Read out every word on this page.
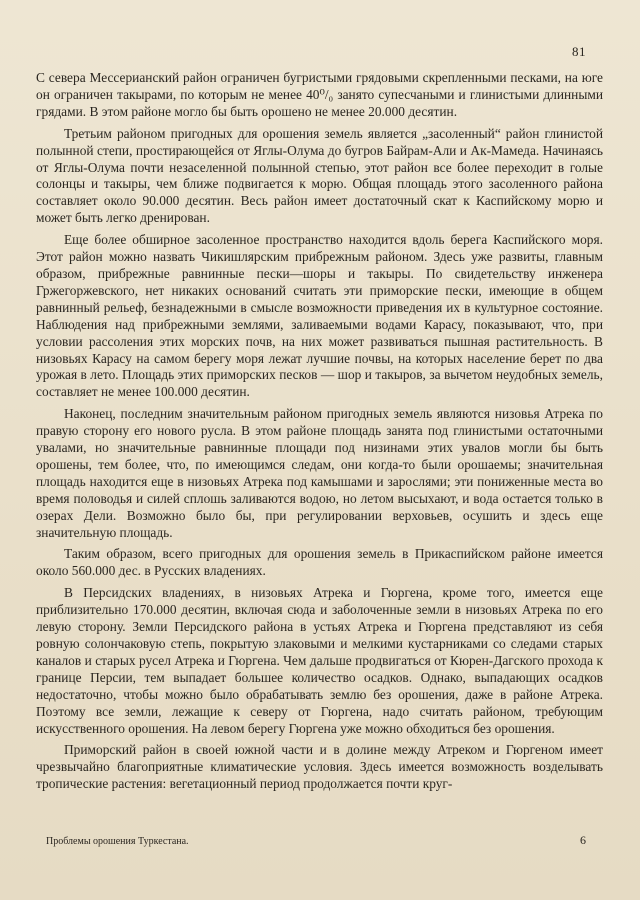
81

С севера Мессерианский район ограничен бугристыми грядовыми скрепленными песками, на юге он ограничен такырами, по которым не менее 40⁰/₀ занято супесчаными и глинистыми длинными грядами. В этом районе могло бы быть орошено не менее 20.000 десятин.

Третьим районом пригодных для орошения земель является „засоленный“ район глинистой полынной степи, простирающейся от Яглы-Олума до бугров Байрам-Али и Ак-Мамеда. Начинаясь от Яглы-Олума почти незаселенной полынной степью, этот район все более переходит в голые солонцы и такыры, чем ближе подвигается к морю. Общая площадь этого засоленного района составляет около 90.000 десятин. Весь район имеет достаточный скат к Каспийскому морю и может быть легко дренирован.

Еще более обширное засоленное пространство находится вдоль берега Каспийского моря. Этот район можно назвать Чикишлярским прибрежным районом. Здесь уже развиты, главным образом, прибрежные равнинные пески—шоры и такыры. По свидетельству инженера Гржегоржевского, нет никаких оснований считать эти приморские пески, имеющие в общем равнинный рельеф, безнадежными в смысле возможности приведения их в культурное состояние. Наблюдения над прибрежными землями, заливаемыми водами Карасу, показывают, что, при условии рассоления этих морских почв, на них может развиваться пышная растительность. В низовьях Карасу на самом берегу моря лежат лучшие почвы, на которых население берет по два урожая в лето. Площадь этих приморских песков — шор и такыров, за вычетом неудобных земель, составляет не менее 100.000 десятин.

Наконец, последним значительным районом пригодных земель являются низовья Атрека по правую сторону его нового русла. В этом районе площадь занята под глинистыми остаточными увалами, но значительные равнинные площади под низинами этих увалов могли бы быть орошены, тем более, что, по имеющимся следам, они когда-то были орошаемы; значительная площадь находится еще в низовьях Атрека под камышами и зарослями; эти пониженные места во время половодья и силей сплошь заливаются водою, но летом высыхают, и вода остается только в озерах Дели. Возможно было бы, при регулировании верховьев, осушить и здесь еще значительную площадь.

Таким образом, всего пригодных для орошения земель в Прикаспийском районе имеется около 560.000 дес. в Русских владениях.

В Персидских владениях, в низовьях Атрека и Гюргена, кроме того, имеется еще приблизительно 170.000 десятин, включая сюда и заболоченные земли в низовьях Атрека по его левую сторону. Земли Персидского района в устьях Атрека и Гюргена представляют из себя ровную солончаковую степь, покрытую злаковыми и мелкими кустарниками со следами старых каналов и старых русел Атрека и Гюргена. Чем дальше продвигаться от Кюрен-Дагского прохода к границе Персии, тем выпадает большее количество осадков. Однако, выпадающих осадков недостаточно, чтобы можно было обрабатывать землю без орошения, даже в районе Атрека. Поэтому все земли, лежащие к северу от Гюргена, надо считать районом, требующим искусственного орошения. На левом берегу Гюргена уже можно обходиться без орошения.

Приморский район в своей южной части и в долине между Атреком и Гюргеном имеет чрезвычайно благоприятные климатические условия. Здесь имеется возможность возделывать тропические растения: вегетационный период продолжается почти круг-

Проблемы орошения Туркестана.	6
